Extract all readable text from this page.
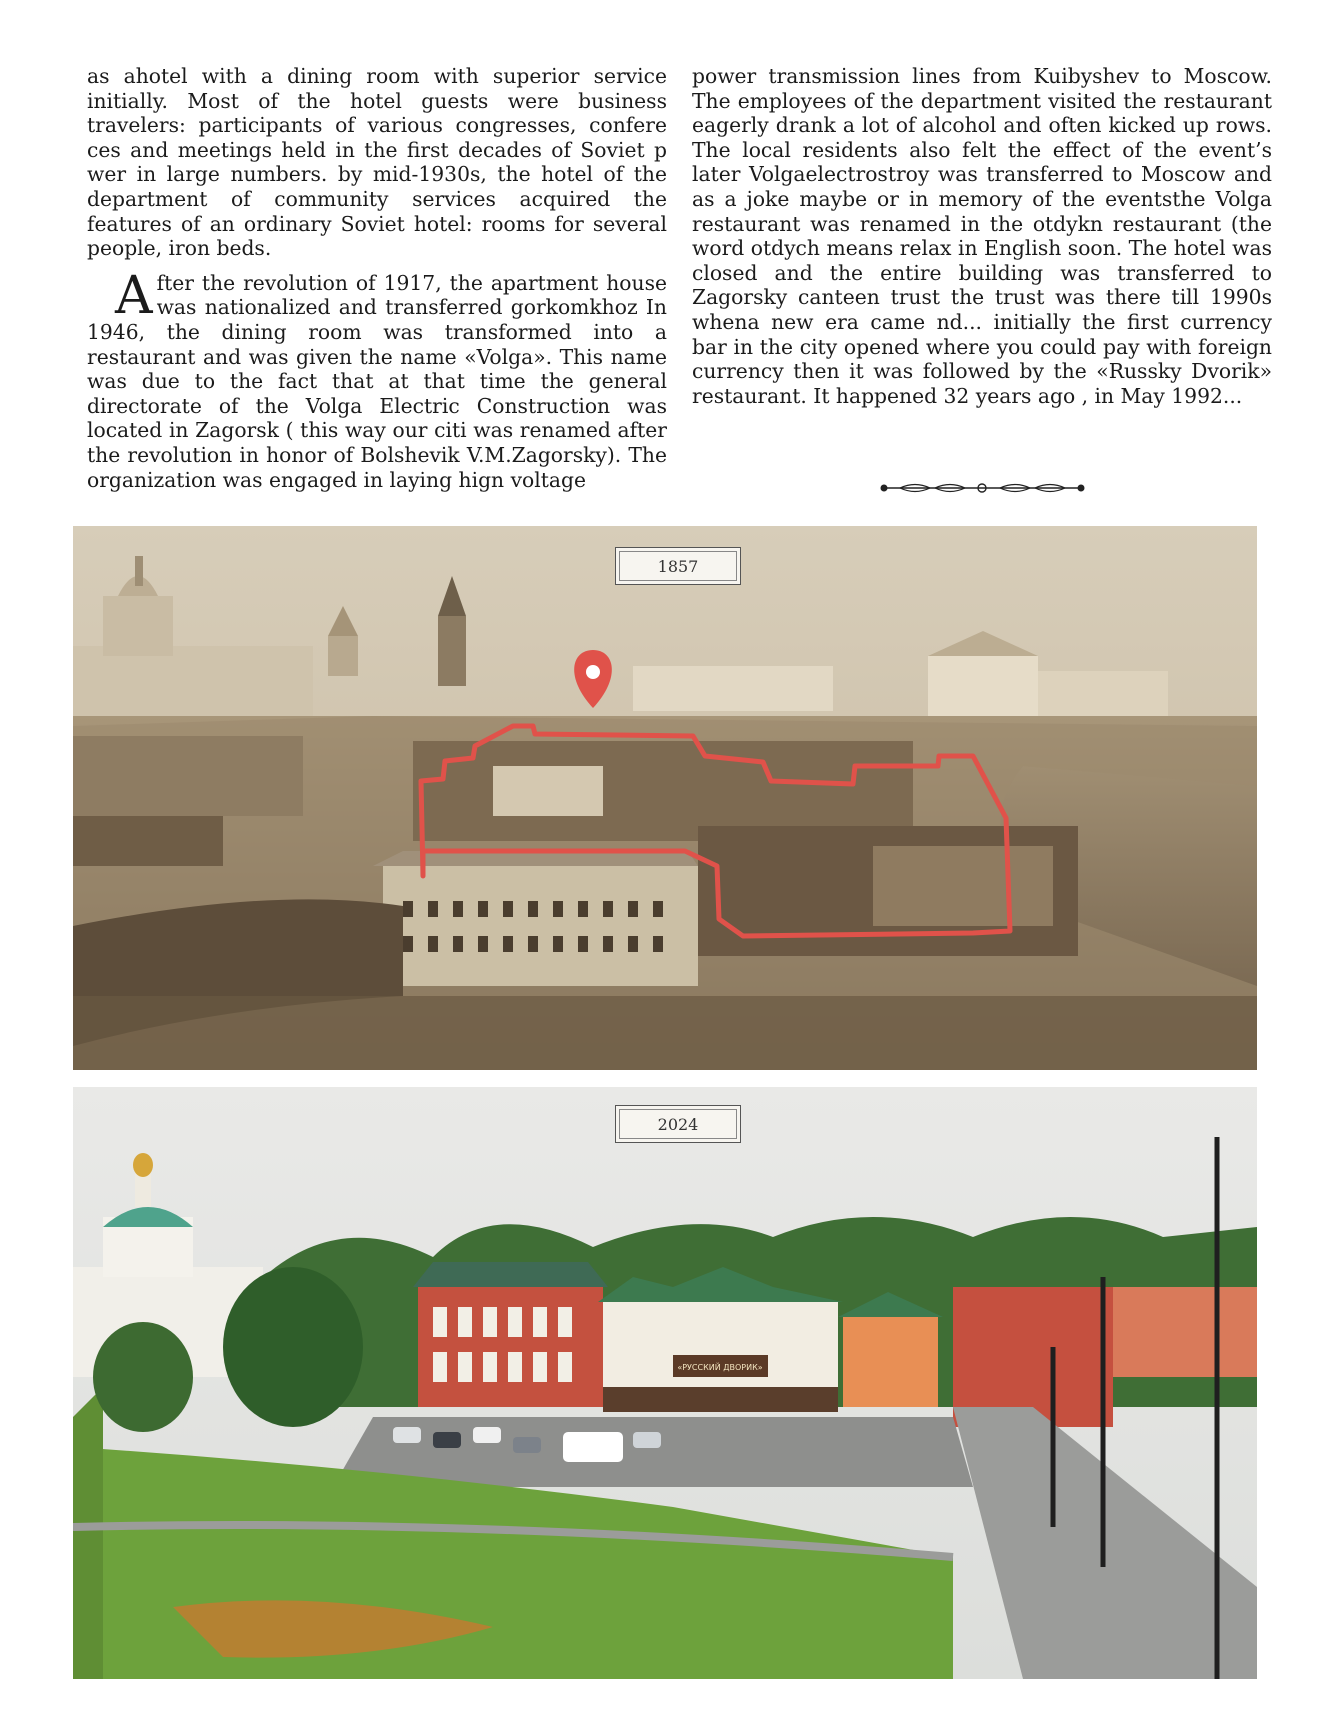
as ahotel with a dining room with superior service initially. Most of the hotel guests were business travelers: participants of various congresses, confere ces and meetings held in the first decades of Soviet p wer in large numbers. by mid-1930s, the hotel of the department of community services acquired the features of an ordinary Soviet hotel: rooms for several people, iron beds.

After the revolution of 1917, the apartment house was nationalized and transferred gorkomkhoz In 1946, the dining room was transformed into a restaurant and was given the name «Volga». This name was due to the fact that at that time the general directorate of the Volga Electric Construction was located in Zagorsk ( this way our citi was renamed after the revolution in honor of Bolshevik V.M.Zagorsky). The organization was engaged in laying hign voltage

power transmission lines from Kuibyshev to Moscow. The employees of the department visited the restaurant eagerly drank a lot of alcohol and often kicked up rows. The local residents also felt the effect of the event’s later Volgaelectrostroy was transferred to Moscow and as a joke maybe or in memory of the eventsthe Volga restaurant was renamed in the otdykn restaurant (the word otdych means relax in English soon. The hotel was closed and the entire building was transferred to Zagorsky canteen trust the trust was there till 1990s whena new era came nd... initially the first currency bar in the city opened where you could pay with foreign currency then it was followed by the «Russky Dvorik» restaurant. It happened 32 years ago , in May 1992...

1857
«РУССКИЙ ДВОРИК»
2024
